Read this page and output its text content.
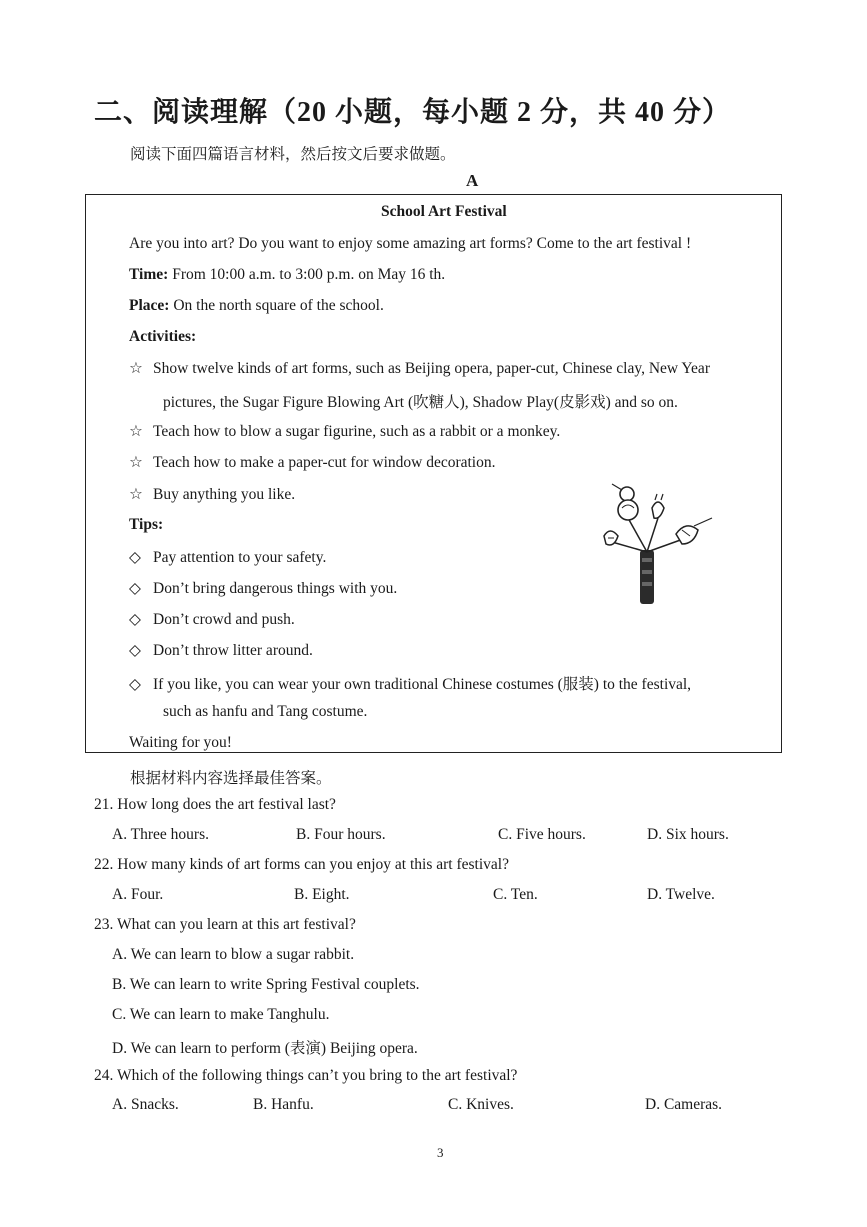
二、阅读理解（20 小题，每小题 2 分，共 40 分）
阅读下面四篇语言材料，然后按文后要求做题。
A
School Art Festival
Are you into art? Do you want to enjoy some amazing art forms? Come to the art festival !
Time: From 10:00 a.m. to 3:00 p.m. on May 16 th.
Place: On the north square of the school.
Activities:
☆ Show twelve kinds of art forms, such as Beijing opera, paper-cut, Chinese clay, New Year
pictures, the Sugar Figure Blowing Art (吹糖人), Shadow Play(皮影戏) and so on.
☆ Teach how to blow a sugar figurine, such as a rabbit or a monkey.
☆ Teach how to make a paper-cut for window decoration.
☆ Buy anything you like.
Tips:
◇ Pay attention to your safety.
◇ Don’t bring dangerous things with you.
◇ Don’t crowd and push.
◇ Don’t throw litter around.
◇ If you like, you can wear your own traditional Chinese costumes (服装) to the festival,
such as hanfu and Tang costume.
Waiting for you!
根据材料内容选择最佳答案。
21. How long does the art festival last?
A. Three hours.	B. Four hours.	C. Five hours.	D. Six hours.
22. How many kinds of art forms can you enjoy at this art festival?
A. Four.	B. Eight.	C. Ten.	D. Twelve.
23. What can you learn at this art festival?
A. We can learn to blow a sugar rabbit.
B. We can learn to write Spring Festival couplets.
C. We can learn to make Tanghulu.
D. We can learn to perform (表演) Beijing opera.
24. Which of the following things can’t you bring to the art festival?
A. Snacks.	B. Hanfu.	C. Knives.	D. Cameras.
3
